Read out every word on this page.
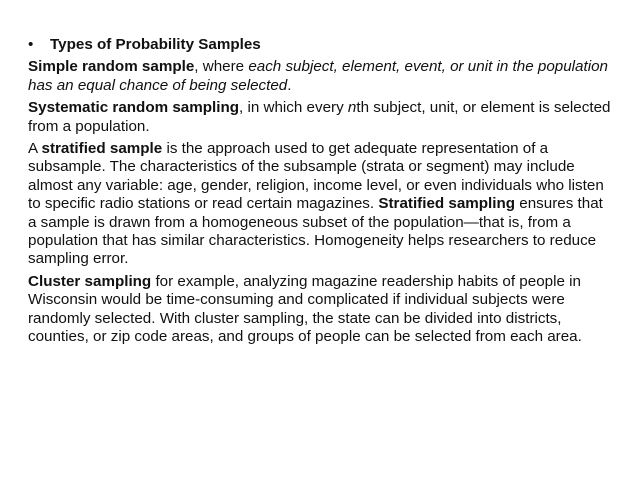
•	Types of Probability Samples

Simple random sample, where each subject, element, event, or unit in the population has an equal chance of being selected.

Systematic random sampling, in which every nth subject, unit, or element is selected from a population.

A stratified sample is the approach used to get adequate representation of a subsample. The characteristics of the subsample (strata or segment) may include almost any variable: age, gender, religion, income level, or even individuals who listen to specific radio stations or read certain magazines. Stratified sampling ensures that a sample is drawn from a homogeneous subset of the population—that is, from a population that has similar characteristics. Homogeneity helps researchers to reduce sampling error.

Cluster sampling for example, analyzing magazine readership habits of people in Wisconsin would be time-consuming and complicated if individual subjects were randomly selected. With cluster sampling, the state can be divided into districts, counties, or zip code areas, and groups of people can be selected from each area.
